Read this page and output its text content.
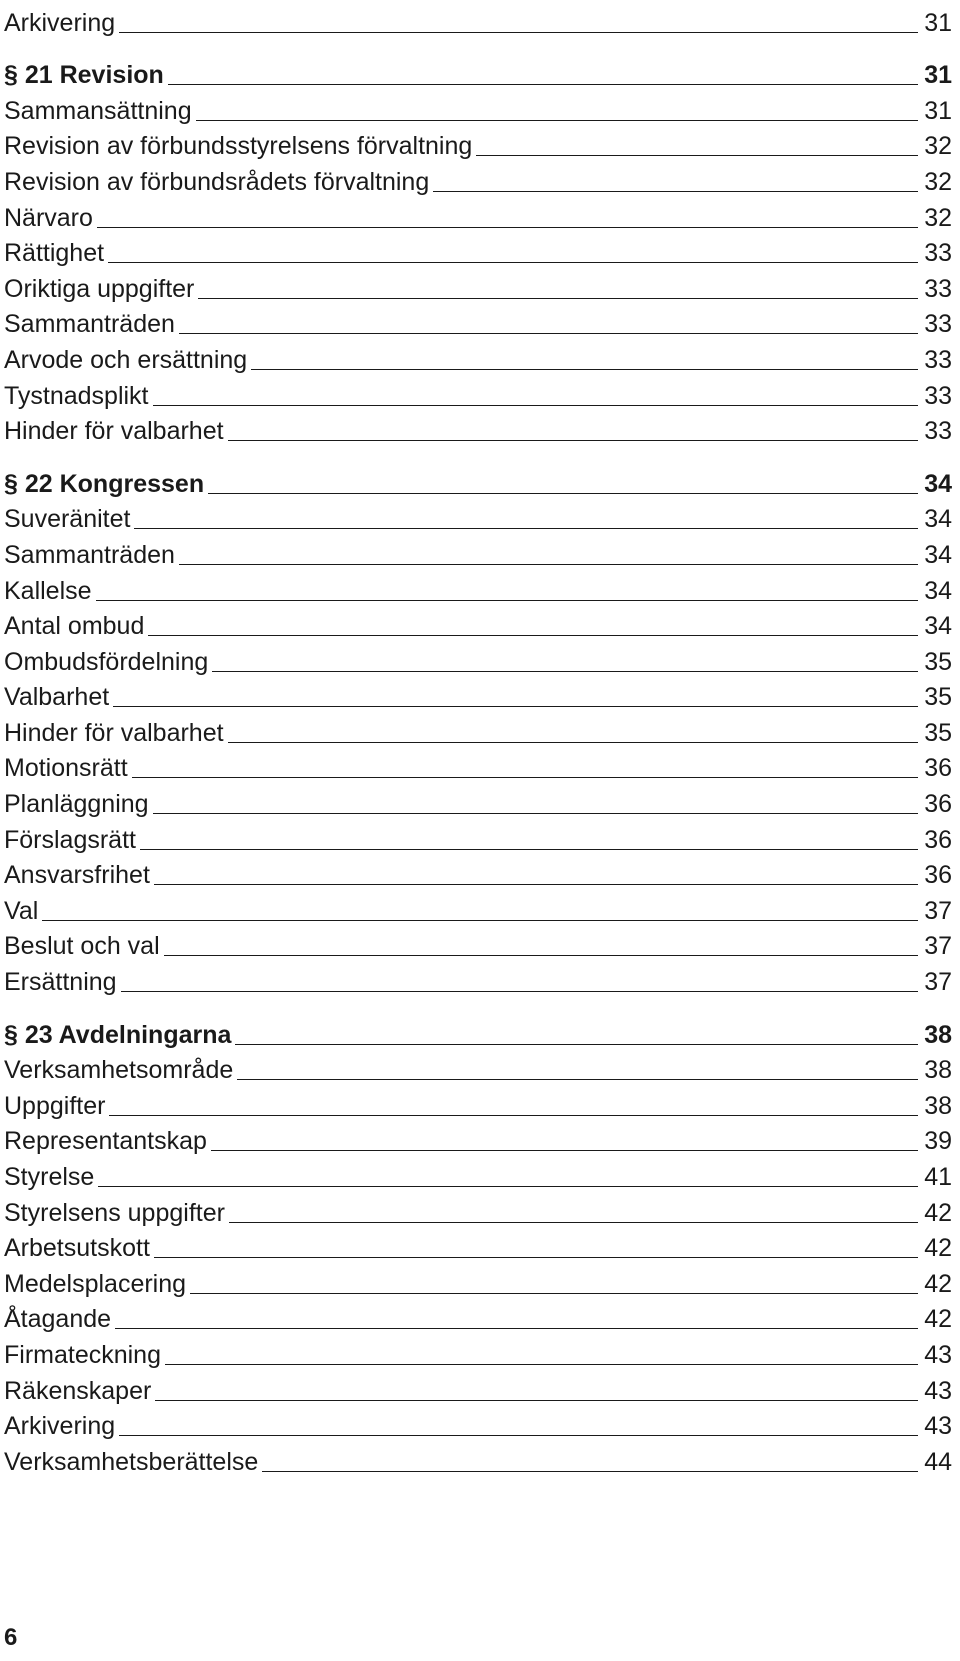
Arkivering	31
§ 21 Revision	31
Sammansättning	31
Revision av förbundsstyrelsens förvaltning	32
Revision av förbundsrådets förvaltning	32
Närvaro	32
Rättighet	33
Oriktiga uppgifter	33
Sammanträden	33
Arvode och ersättning	33
Tystnadsplikt	33
Hinder för valbarhet	33
§ 22 Kongressen	34
Suveränitet	34
Sammanträden	34
Kallelse	34
Antal ombud	34
Ombudsfördelning	35
Valbarhet	35
Hinder för valbarhet	35
Motionsrätt	36
Planläggning	36
Förslagsrätt	36
Ansvarsfrihet	36
Val	37
Beslut och val	37
Ersättning	37
§ 23 Avdelningarna	38
Verksamhetsområde	38
Uppgifter	38
Representantskap	39
Styrelse	41
Styrelsens uppgifter	42
Arbetsutskott	42
Medelsplacering	42
Åtagande	42
Firmateckning	43
Räkenskaper	43
Arkivering	43
Verksamhetsberättelse	44
6
